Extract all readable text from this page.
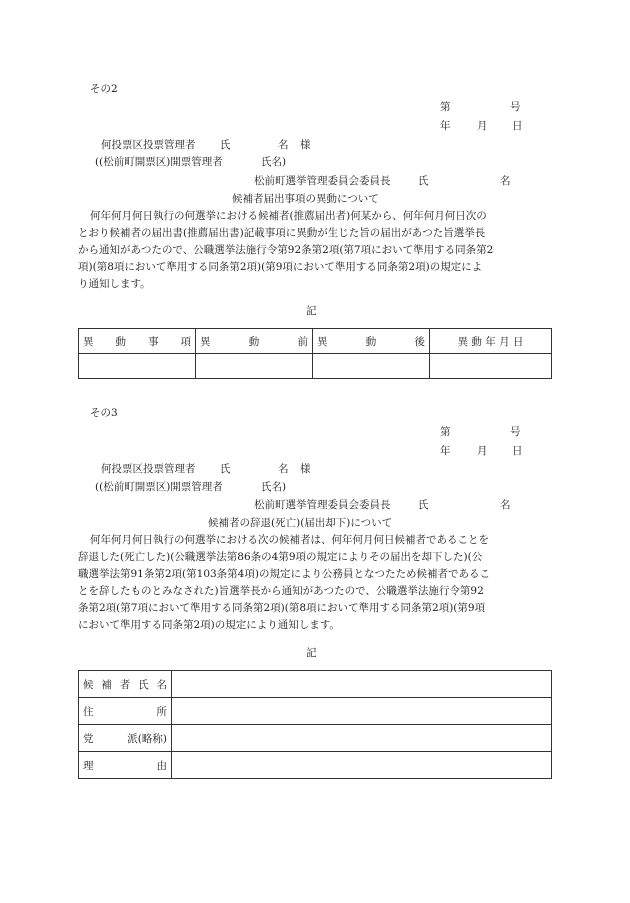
その2
第	号
年	月 日
何投票区投票管理者 氏	名 様
((松前町開票区)開票管理者	氏名)
松前町選挙管理委員会委員長	氏	名
候補者届出事項の異動について
何年何月何日執行の何選挙における候補者(推薦届出者)何某から、何年何月何日次の
とおり候補者の届出書(推薦届出書)記載事項に異動が生じた旨の届出があつた旨選挙長
から通知があつたので、公職選挙法施行令第92条第2項(第7項において準用する同条第2
項)(第8項において準用する同条第2項)(第9項において準用する同条第2項)の規定によ
り通知します。
記
異 動 事 項	異 動 前	異 動 後	異 動 年 月 日

その3
第	号
年	月 日
何投票区投票管理者 氏	名 様
((松前町開票区)開票管理者	氏名)
松前町選挙管理委員会委員長	氏	名
候補者の辞退(死亡)(届出却下)について
何年何月何日執行の何選挙における次の候補者は、何年何月何日候補者であることを
辞退した(死亡した)(公職選挙法第86条の4第9項の規定によりその届出を却下した)(公
職選挙法第91条第2項(第103条第4項)の規定により公務員となつたため候補者であるこ
とを辞したものとみなされた)旨選挙長から通知があつたので、公職選挙法施行令第92
条第2項(第7項において準用する同条第2項)(第8項において準用する同条第2項)(第9項
において準用する同条第2項)の規定により通知します。
記
候 補 者 氏 名	

住 所	

党 派(略称)	

理 由	
